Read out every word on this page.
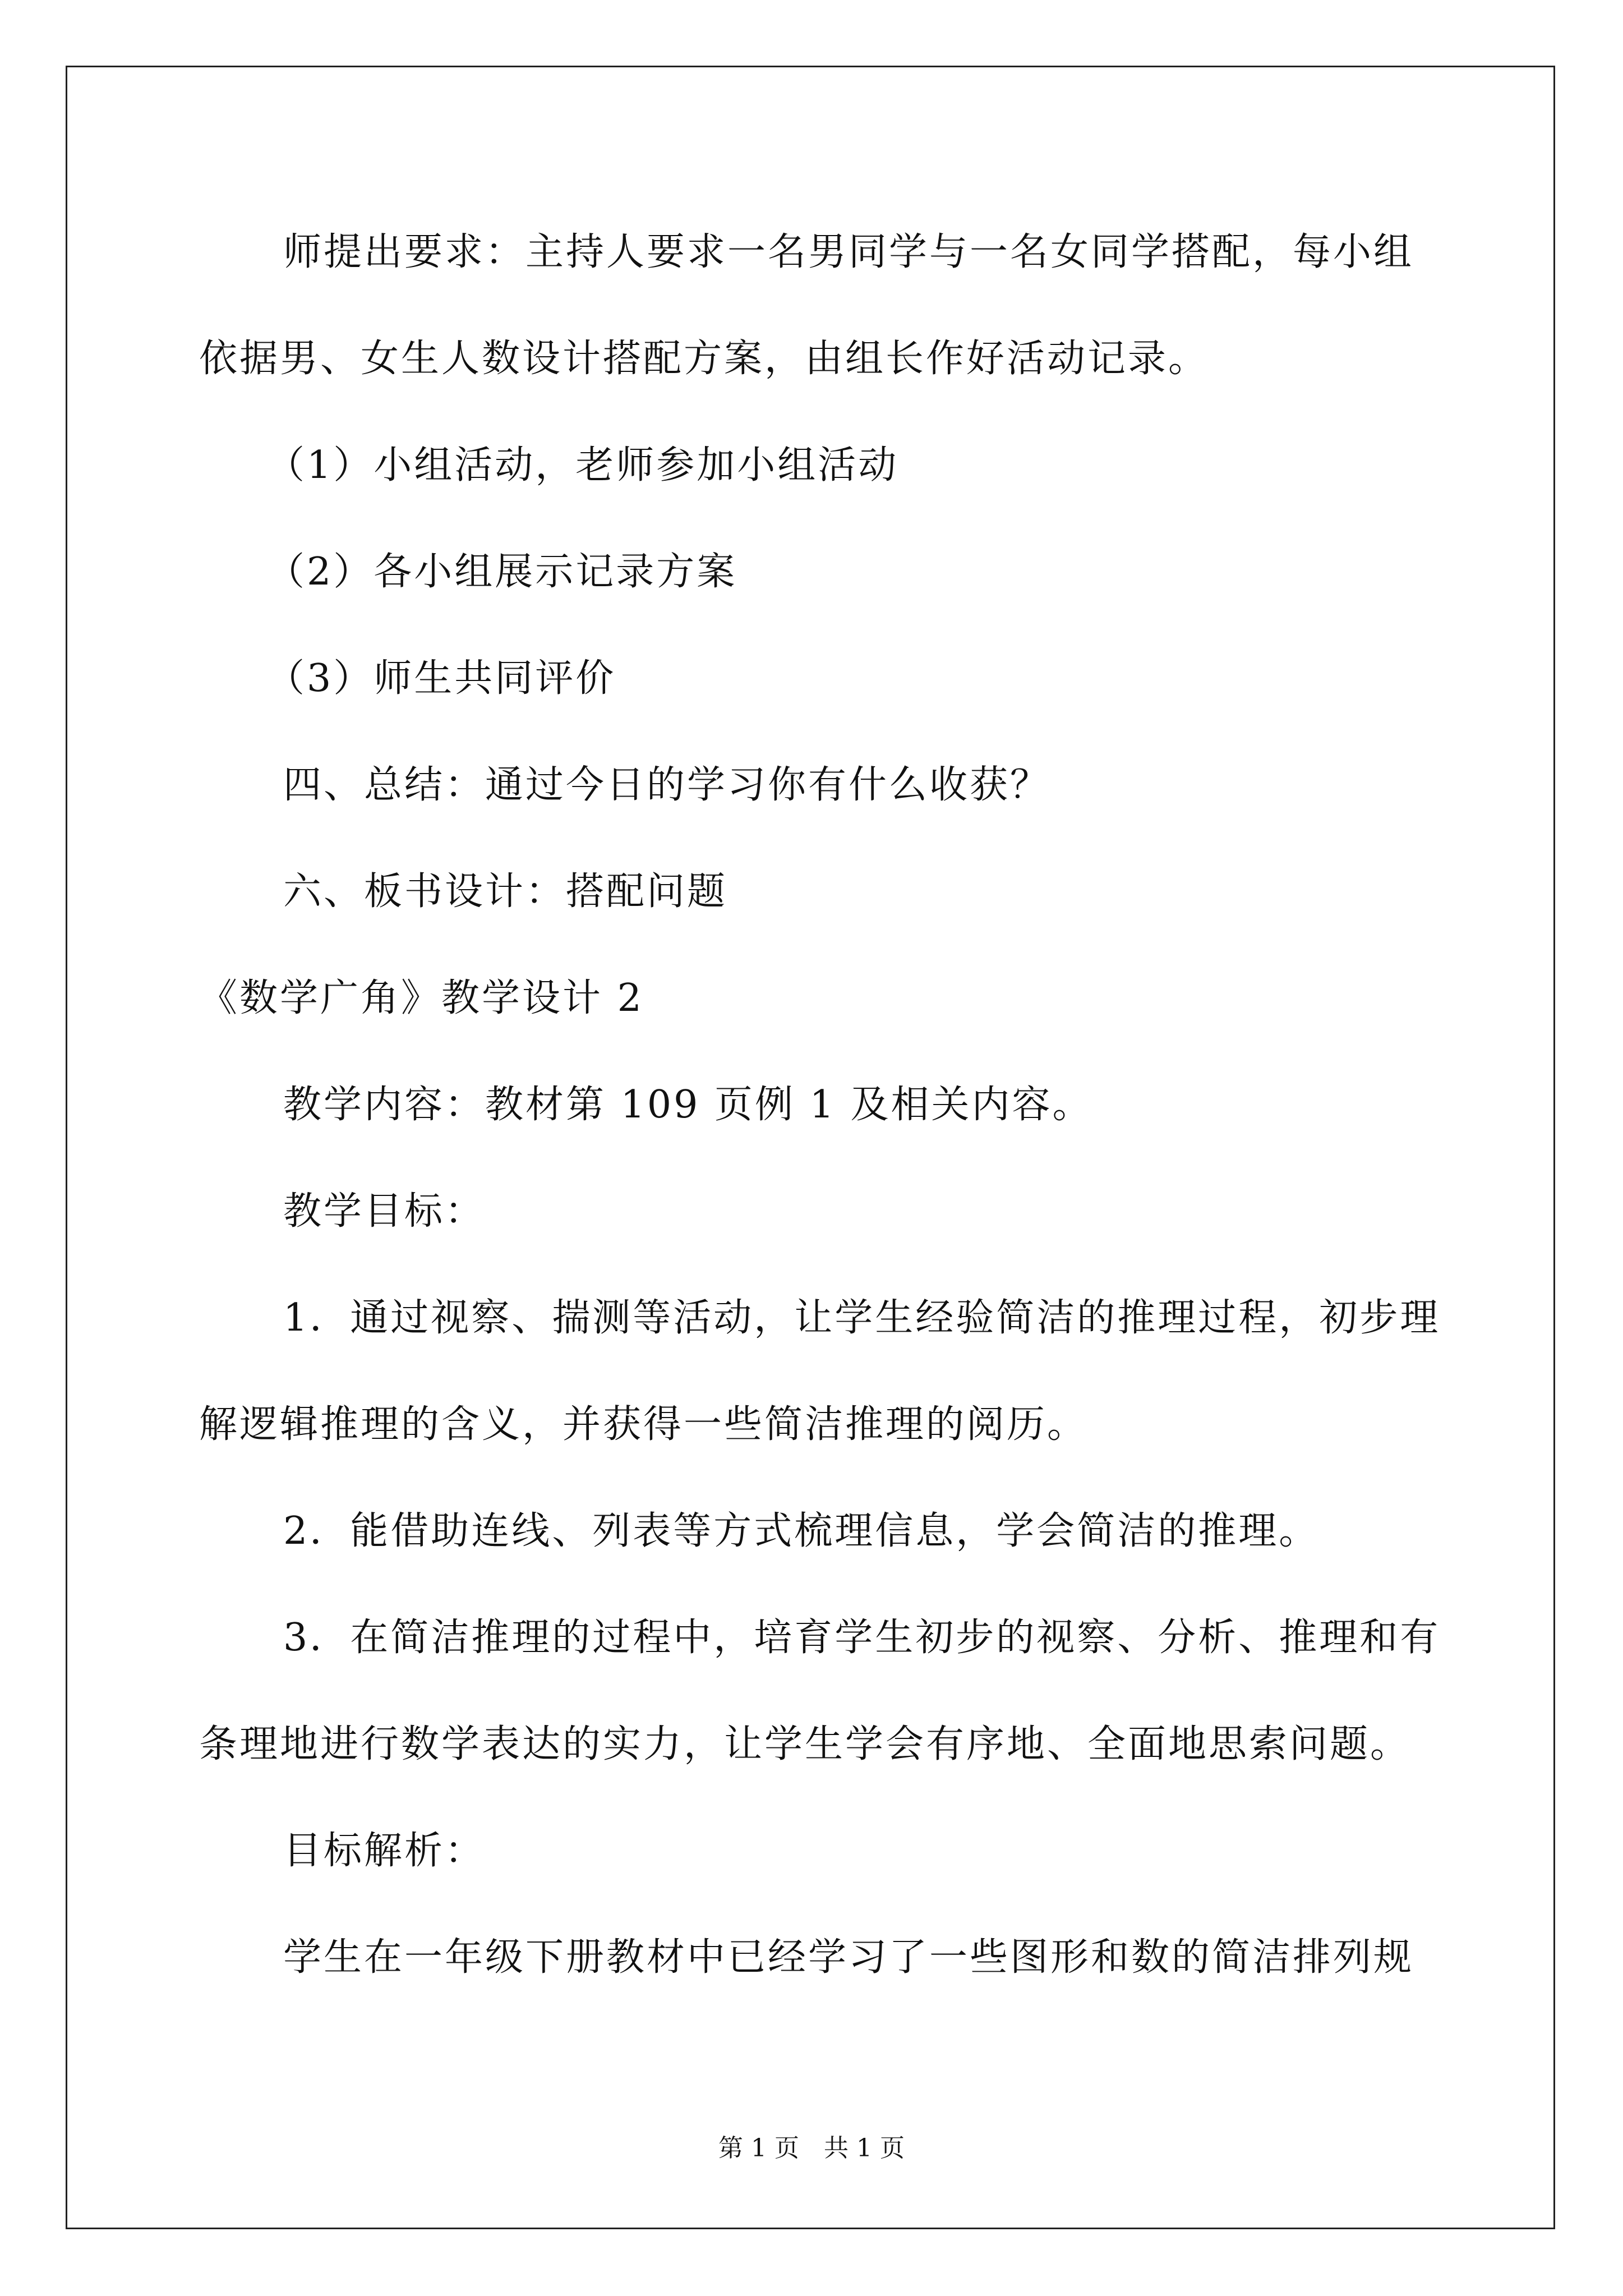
师提出要求：主持人要求一名男同学与一名女同学搭配，每小组
依据男、女生人数设计搭配方案，由组长作好活动记录。
（1）小组活动，老师参加小组活动
（2）各小组展示记录方案
（3）师生共同评价
四、总结：通过今日的学习你有什么收获？
六、板书设计：搭配问题
《数学广角》教学设计 2
教学内容：教材第 109 页例 1 及相关内容。
教学目标：
1．通过视察、揣测等活动，让学生经验简洁的推理过程，初步理
解逻辑推理的含义，并获得一些简洁推理的阅历。
2．能借助连线、列表等方式梳理信息，学会简洁的推理。
3．在简洁推理的过程中，培育学生初步的视察、分析、推理和有
条理地进行数学表达的实力，让学生学会有序地、全面地思索问题。
目标解析：
学生在一年级下册教材中已经学习了一些图形和数的简洁排列规
第 1 页　共 1 页
